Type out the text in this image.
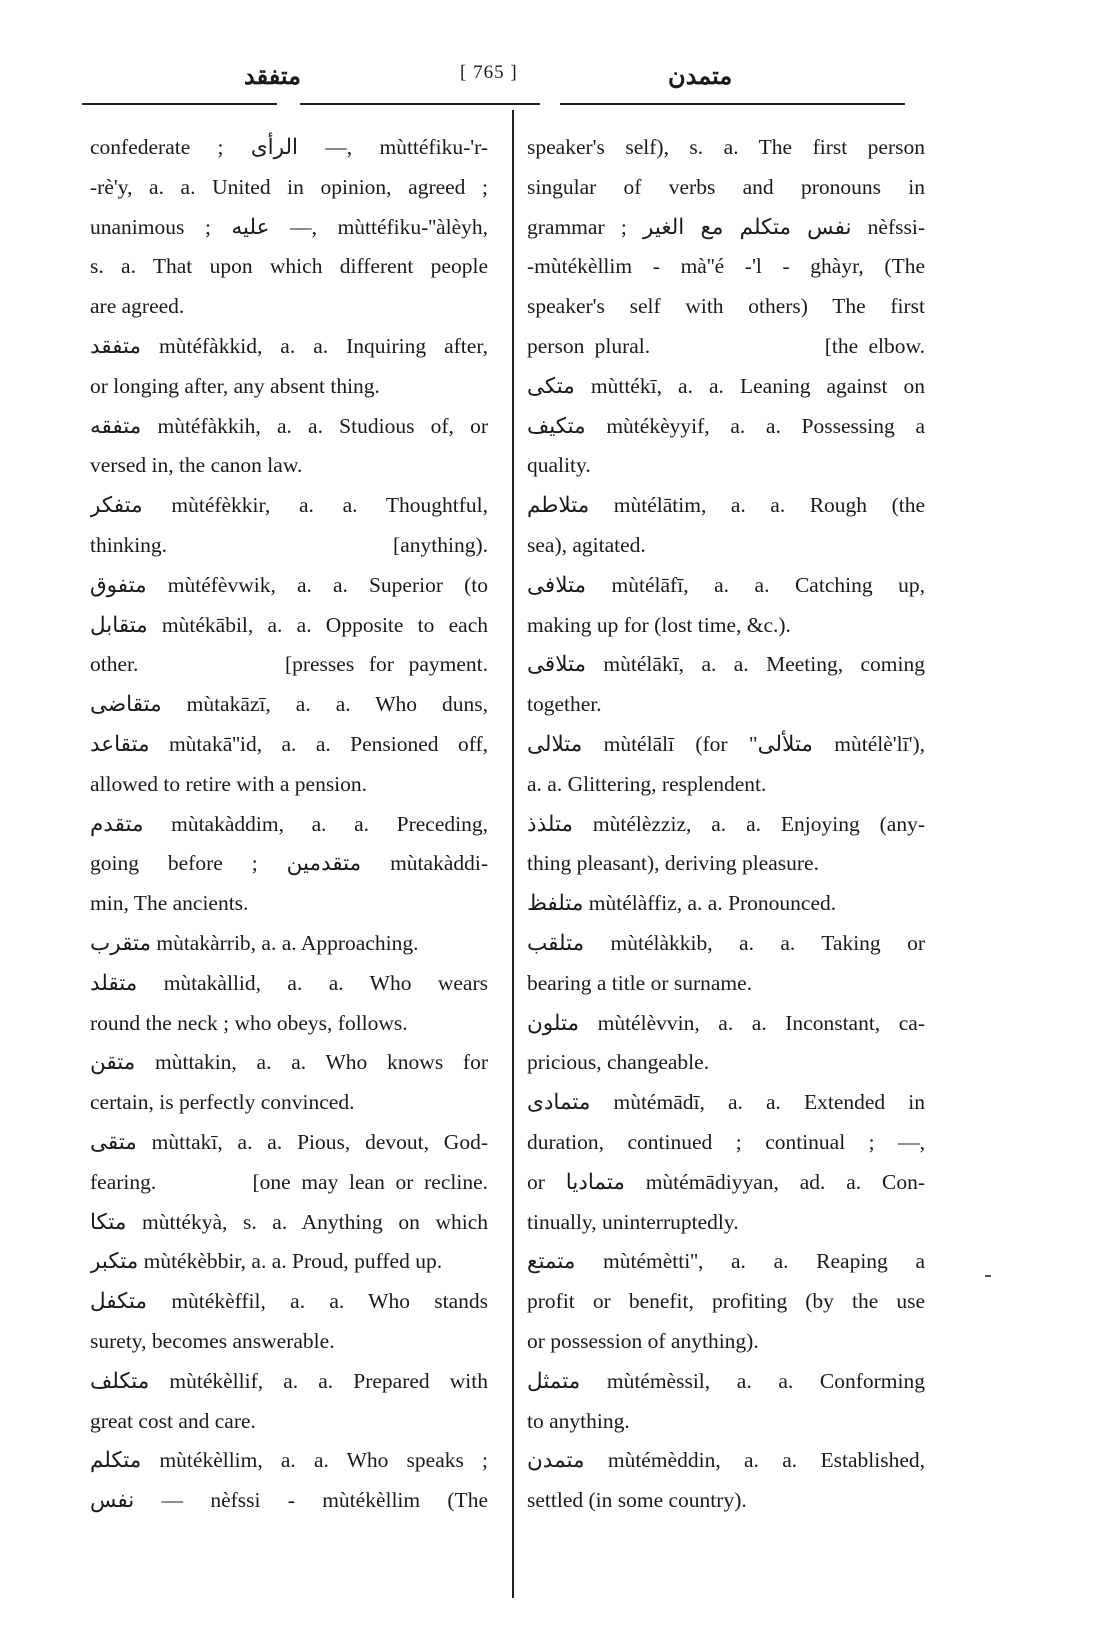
متفقد	[ 765 ]	متمدن
confederate ; الرأى —, mùttéfiku-'r-
-rè'y, a. a. United in opinion, agreed ;
unanimous ; عليه —, mùttéfiku-''àlèyh,
s. a. That upon which different people
are agreed.
متفقد mùtéfàkkid, a. a. Inquiring after,
or longing after, any absent thing.
متفقه mùtéfàkkih, a. a. Studious of, or
versed in, the canon law.
متفكر mùtéfèkkir, a. a. Thoughtful,
thinking.                  [anything).
متفوق mùtéfèvwik, a. a. Superior (to
متقابل mùtékābil, a. a. Opposite to each
other.          [presses for payment.
متقاضى mùtakāzī, a. a. Who duns,
متقاعد mùtakā''id, a. a. Pensioned off,
allowed to retire with a pension.
متقدم mùtakàddim, a. a. Preceding,
going before ; متقدمين mùtakàddi-
min, The ancients.
متقرب mùtakàrrib, a. a. Approaching.
متقلد mùtakàllid, a. a. Who wears
round the neck ; who obeys, follows.
متقن mùttakin, a. a. Who knows for
certain, is perfectly convinced.
متقى mùttakī, a. a. Pious, devout, God-
fearing.         [one may lean or recline.
متكا mùttékyà, s. a. Anything on which
متكبر mùtékèbbir, a. a. Proud, puffed up.
متكفل mùtékèffil, a. a. Who stands
surety, becomes answerable.
متكلف mùtékèllif, a. a. Prepared with
great cost and care.
متكلم mùtékèllim, a. a. Who speaks ;
نفس — nèfssi - mùtékèllim (The
speaker's self), s. a. The first person
singular of verbs and pronouns in
grammar ; نفس متكلم مع الغير nèfssi-
-mùtékèllim - mà''é -'l - ghàyr, (The
speaker's self with others) The first
person plural.                 [the elbow.
متكى mùttékī, a. a. Leaning against on
متكيف mùtékèyyif, a. a. Possessing a
quality.
متلاطم mùtélātim, a. a. Rough (the
sea), agitated.
متلافى mùtélāfī, a. a. Catching up,
making up for (lost time, &c.).
متلاقى mùtélākī, a. a. Meeting, coming
together.
متلالى mùtélālī (for "متلألى mùtélè'lī'),
a. a. Glittering, resplendent.
متلذذ mùtélèzziz, a. a. Enjoying (any-
thing pleasant), deriving pleasure.
متلفظ mùtélàffiz, a. a. Pronounced.
متلقب mùtélàkkib, a. a. Taking or
bearing a title or surname.
متلون mùtélèvvin, a. a. Inconstant, ca-
pricious, changeable.
متمادى mùtémādī, a. a. Extended in
duration, continued ; continual ; —,
or متماديا mùtémādiyyan, ad. a. Con-
tinually, uninterruptedly.
متمتع mùtémètti'', a. a. Reaping a
profit or benefit, profiting (by the use
or possession of anything).
متمثل mùtémèssil, a. a. Conforming
to anything.
متمدن mùtémèddin, a. a. Established,
settled (in some country).
